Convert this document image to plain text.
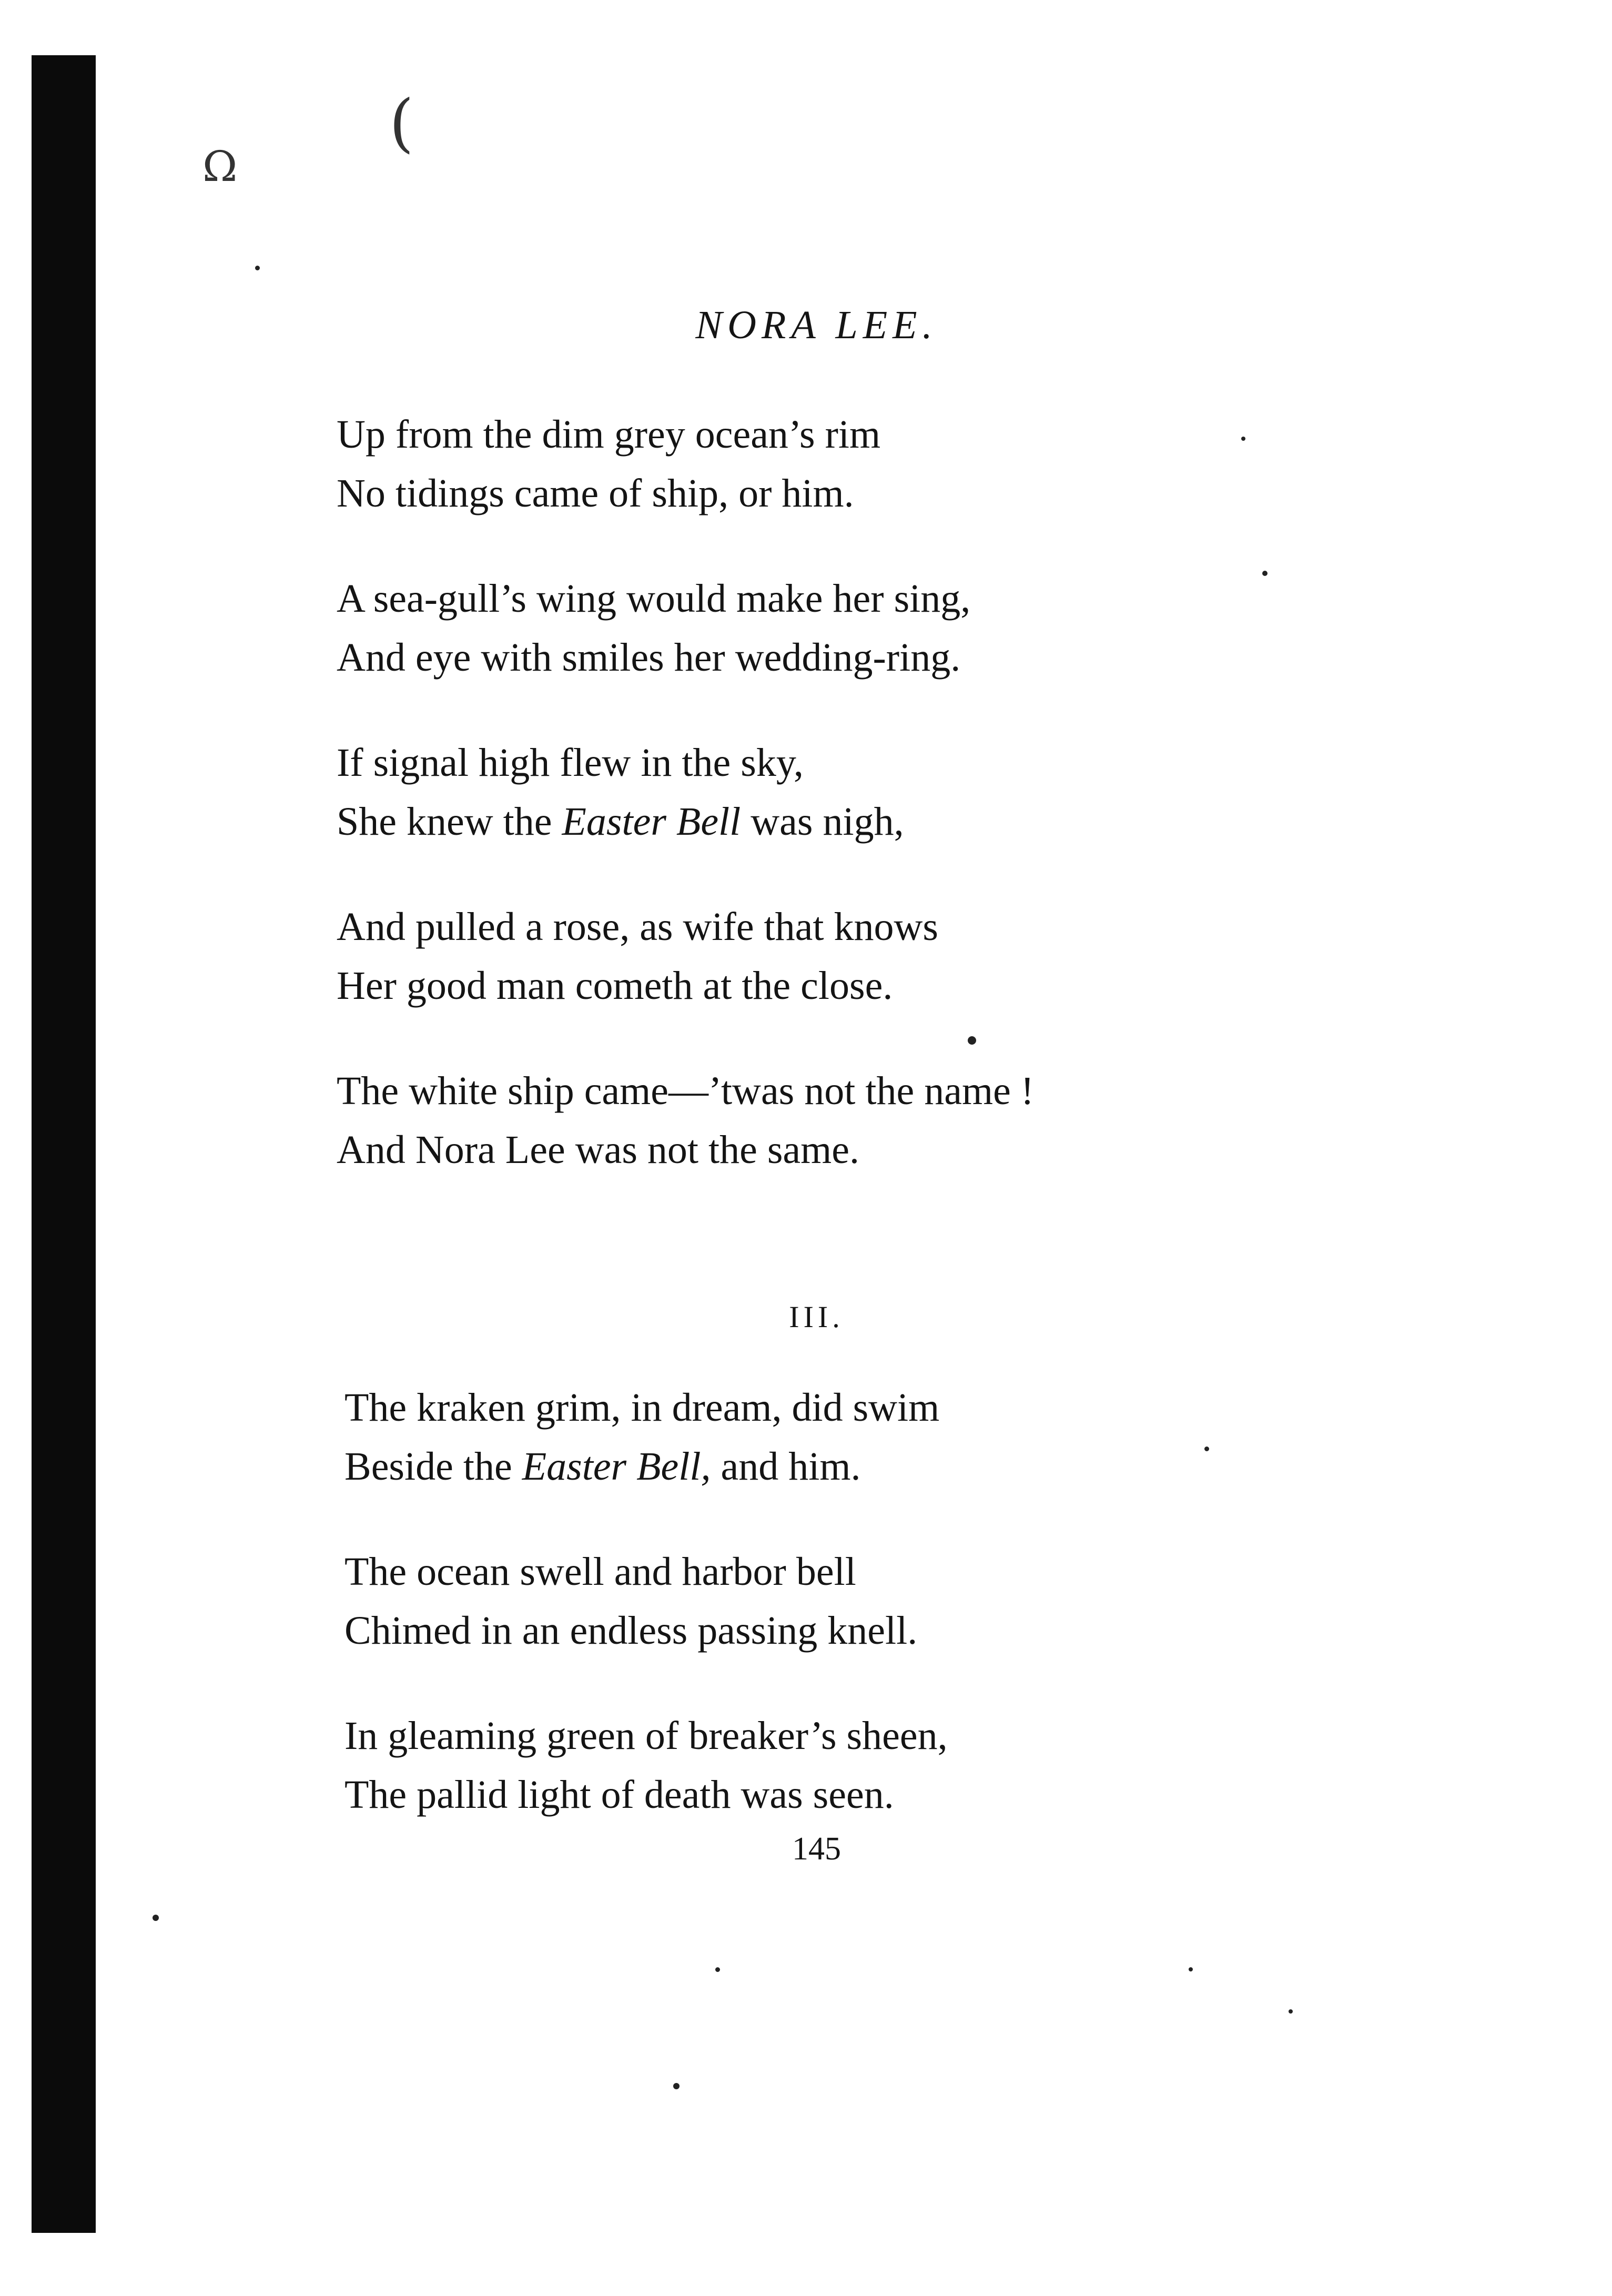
(
Ω
NORA LEE.
Up from the dim grey ocean’s rim
No tidings came of ship, or him.
A sea-gull’s wing would make her sing,
And eye with smiles her wedding-ring.
If signal high flew in the sky,
She knew the Easter Bell was nigh,
And pulled a rose, as wife that knows
Her good man cometh at the close.
The white ship came—’twas not the name !
And Nora Lee was not the same.
III.
The kraken grim, in dream, did swim
Beside the Easter Bell, and him.
The ocean swell and harbor bell
Chimed in an endless passing knell.
In gleaming green of breaker’s sheen,
The pallid light of death was seen.
145
